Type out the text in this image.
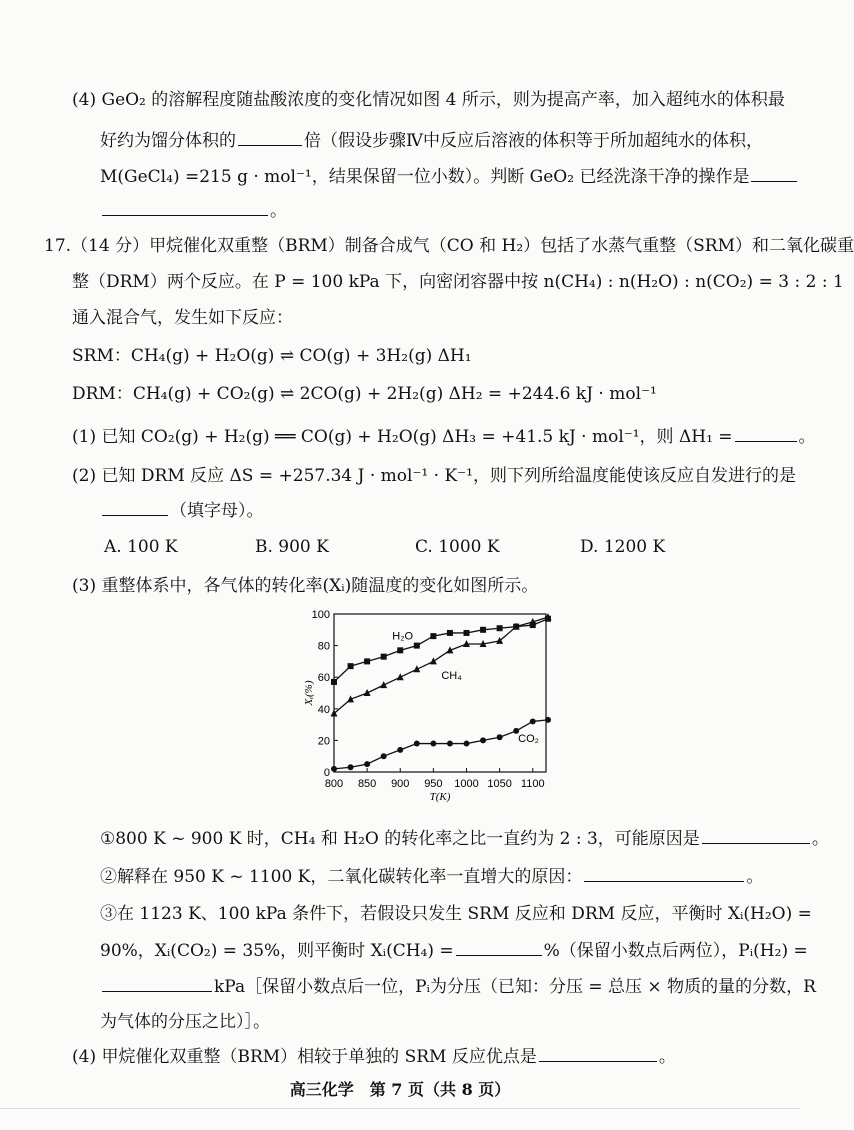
(4) GeO₂ 的溶解程度随盐酸浓度的变化情况如图 4 所示，则为提高产率，加入超纯水的体积最
好约为馏分体积的	倍（假设步骤Ⅳ中反应后溶液的体积等于所加超纯水的体积，
M(GeCl₄) =215 g · mol⁻¹，结果保留一位小数）。判断 GeO₂ 已经洗涤干净的操作是
。
17.（14 分）甲烷催化双重整（BRM）制备合成气（CO 和 H₂）包括了水蒸气重整（SRM）和二氧化碳重
整（DRM）两个反应。在 P = 100 kPa 下，向密闭容器中按 n(CH₄) : n(H₂O) : n(CO₂) = 3 : 2 : 1
通入混合气，发生如下反应：
SRM：CH₄(g) + H₂O(g) ⇌ CO(g) + 3H₂(g) ΔH₁
DRM：CH₄(g) + CO₂(g) ⇌ 2CO(g) + 2H₂(g) ΔH₂ = +244.6 kJ · mol⁻¹
(1) 已知 CO₂(g) + H₂(g) ══ CO(g) + H₂O(g) ΔH₃ = +41.5 kJ · mol⁻¹，则 ΔH₁ =	。
(2) 已知 DRM 反应 ΔS = +257.34 J · mol⁻¹ · K⁻¹，则下列所给温度能使该反应自发进行的是
（填字母）。
A. 100 K	B. 900 K	C. 1000 K	D. 1200 K
(3) 重整体系中，各气体的转化率(Xᵢ)随温度的变化如图所示。
800 850 900 950 1000 1050 1100
0
20
40
60
80
100
T(K)
Xᵢ(%)
H₂O
CH₄
CO₂
①800 K ~ 900 K 时，CH₄ 和 H₂O 的转化率之比一直约为 2 : 3，可能原因是	。
②解释在 950 K ~ 1100 K，二氧化碳转化率一直增大的原因：	。
③在 1123 K、100 kPa 条件下，若假设只发生 SRM 反应和 DRM 反应，平衡时 Xᵢ(H₂O) =
90%，Xᵢ(CO₂) = 35%，则平衡时 Xᵢ(CH₄) =	%（保留小数点后两位），Pᵢ(H₂) =
kPa［保留小数点后一位，Pᵢ为分压（已知：分压 = 总压 × 物质的量的分数，R
为气体的分压之比）］。
(4) 甲烷催化双重整（BRM）相较于单独的 SRM 反应优点是	。
高三化学　第 7 页（共 8 页）
